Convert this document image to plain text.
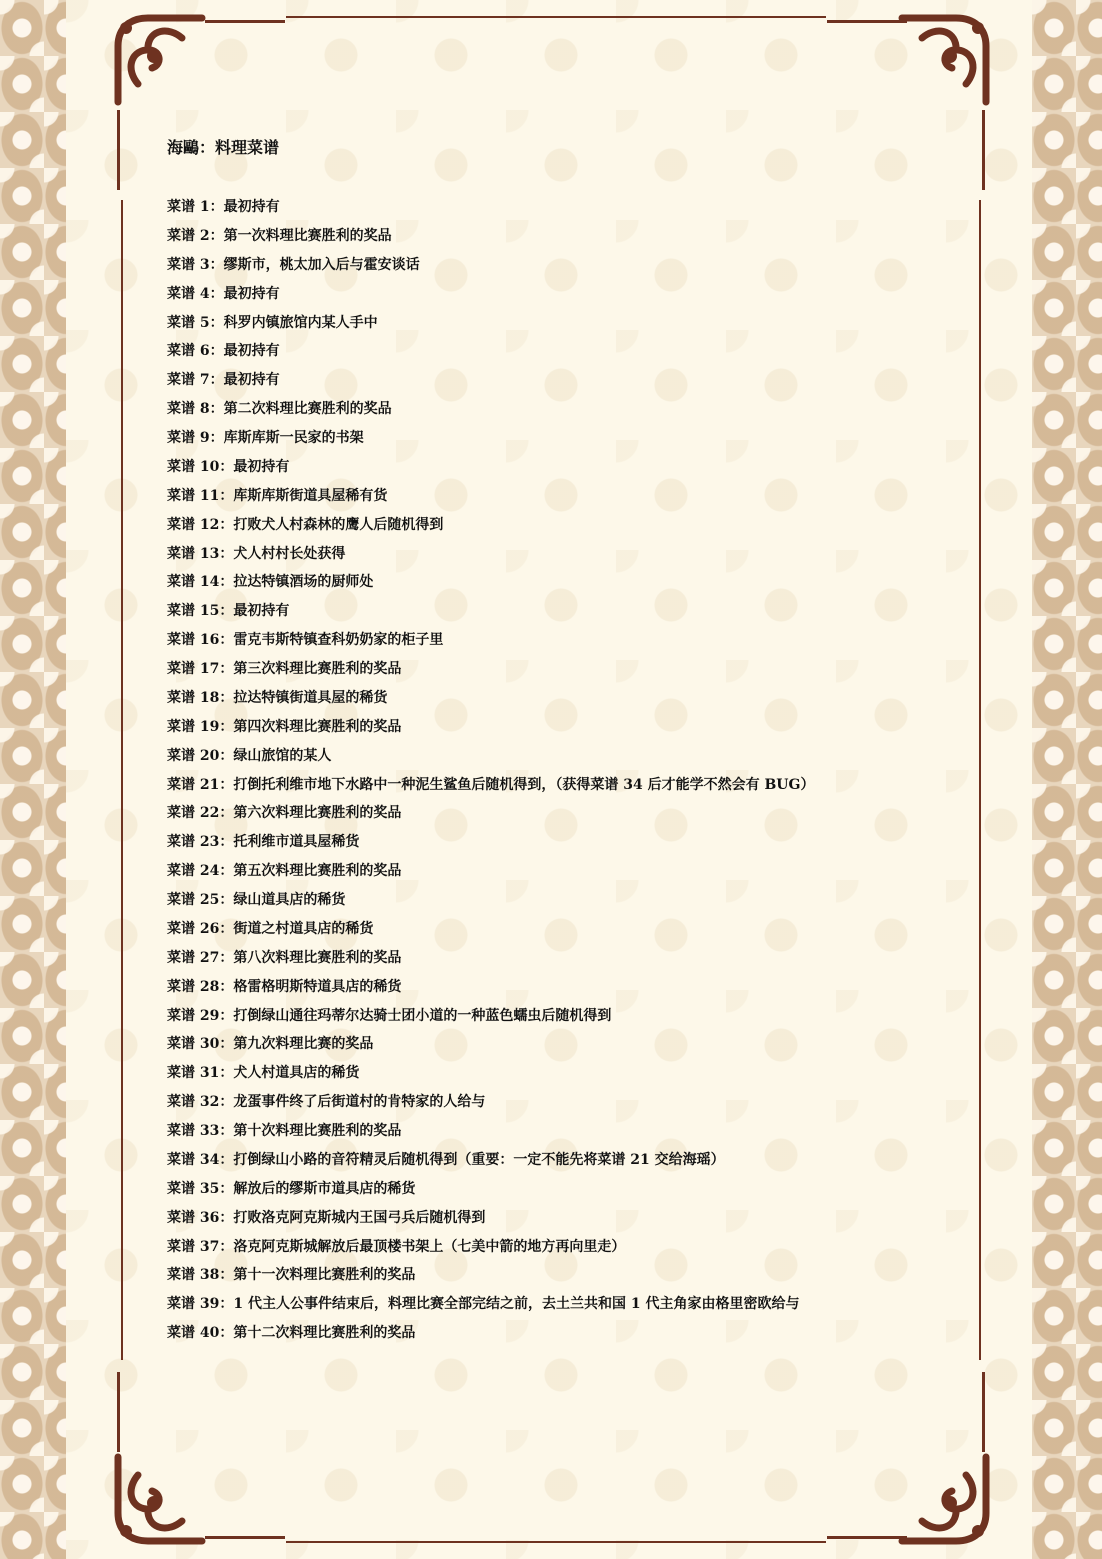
海鷗：料理菜谱
菜谱 1：最初持有
菜谱 2：第一次料理比赛胜利的奖品
菜谱 3：缪斯市，桃太加入后与霍安谈话
菜谱 4：最初持有
菜谱 5：科罗内镇旅馆内某人手中
菜谱 6：最初持有
菜谱 7：最初持有
菜谱 8：第二次料理比赛胜利的奖品
菜谱 9：库斯库斯一民家的书架
菜谱 10：最初持有
菜谱 11：库斯库斯街道具屋稀有货
菜谱 12：打败犬人村森林的鹰人后随机得到
菜谱 13：犬人村村长处获得
菜谱 14：拉达特镇酒场的厨师处
菜谱 15：最初持有
菜谱 16：雷克韦斯特镇查科奶奶家的柜子里
菜谱 17：第三次料理比赛胜利的奖品
菜谱 18：拉达特镇街道具屋的稀货
菜谱 19：第四次料理比赛胜利的奖品
菜谱 20：绿山旅馆的某人
菜谱 21：打倒托利维市地下水路中一种泥生鲨鱼后随机得到，（获得菜谱 34 后才能学不然会有 BUG）
菜谱 22：第六次料理比赛胜利的奖品
菜谱 23：托利维市道具屋稀货
菜谱 24：第五次料理比赛胜利的奖品
菜谱 25：绿山道具店的稀货
菜谱 26：街道之村道具店的稀货
菜谱 27：第八次料理比赛胜利的奖品
菜谱 28：格雷格明斯特道具店的稀货
菜谱 29：打倒绿山通往玛蒂尔达骑士团小道的一种蓝色蠕虫后随机得到
菜谱 30：第九次料理比赛的奖品
菜谱 31：犬人村道具店的稀货
菜谱 32：龙蛋事件终了后街道村的肯特家的人给与
菜谱 33：第十次料理比赛胜利的奖品
菜谱 34：打倒绿山小路的音符精灵后随机得到（重要：一定不能先将菜谱 21 交给海瑶）
菜谱 35：解放后的缪斯市道具店的稀货
菜谱 36：打败洛克阿克斯城内王国弓兵后随机得到
菜谱 37：洛克阿克斯城解放后最顶楼书架上（七美中箭的地方再向里走）
菜谱 38：第十一次料理比赛胜利的奖品
菜谱 39：1 代主人公事件结束后，料理比赛全部完结之前，去土兰共和国 1 代主角家由格里密欧给与
菜谱 40：第十二次料理比赛胜利的奖品
